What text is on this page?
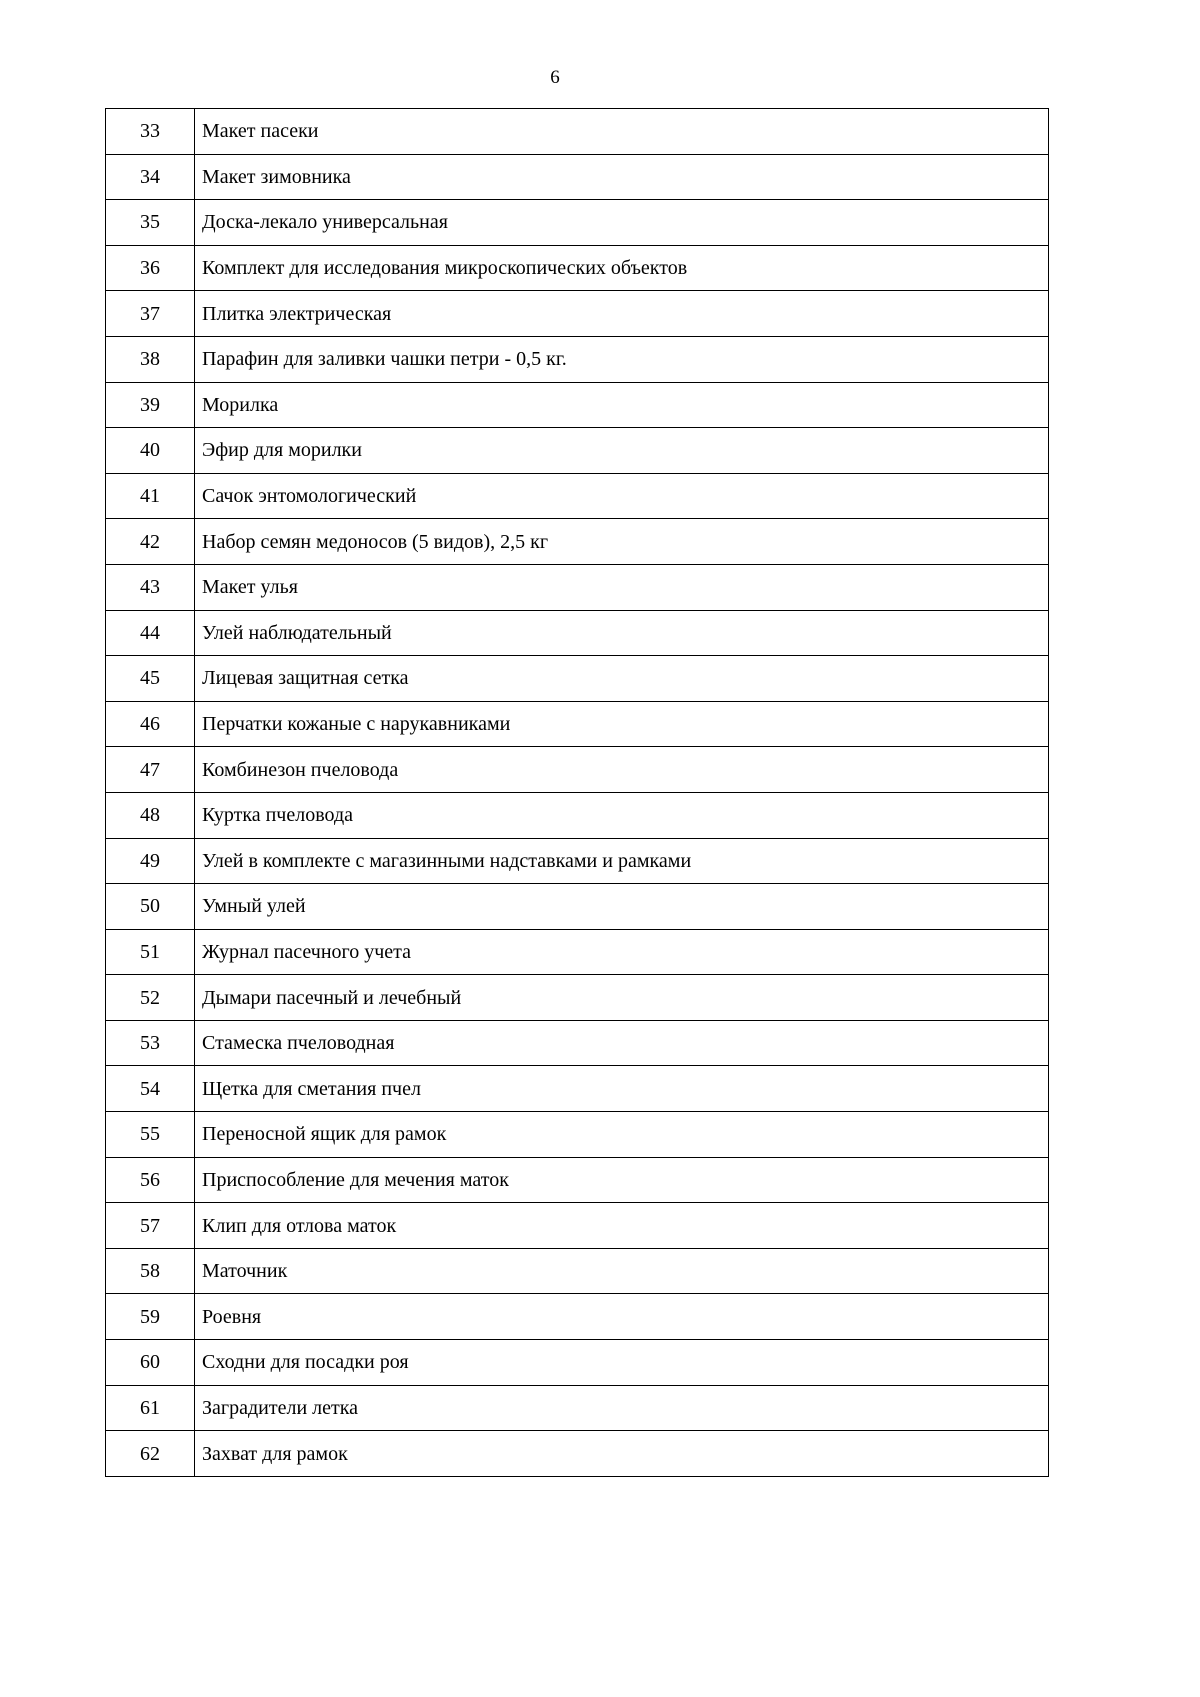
6
33	Макет пасеки
34	Макет зимовника
35	Доска-лекало универсальная
36	Комплект для исследования микроскопических объектов
37	Плитка электрическая
38	Парафин для заливки чашки петри - 0,5 кг.
39	Морилка
40	Эфир для морилки
41	Сачок энтомологический
42	Набор семян медоносов (5 видов), 2,5 кг
43	Макет улья
44	Улей наблюдательный
45	Лицевая защитная сетка
46	Перчатки кожаные с нарукавниками
47	Комбинезон пчеловода
48	Куртка пчеловода
49	Улей в комплекте с магазинными надставками и рамками
50	Умный улей
51	Журнал пасечного учета
52	Дымари пасечный и лечебный
53	Стамеска пчеловодная
54	Щетка для сметания пчел
55	Переносной ящик для рамок
56	Приспособление для мечения маток
57	Клип для отлова маток
58	Маточник
59	Роевня
60	Сходни для посадки роя
61	Заградители летка
62	Захват для рамок
